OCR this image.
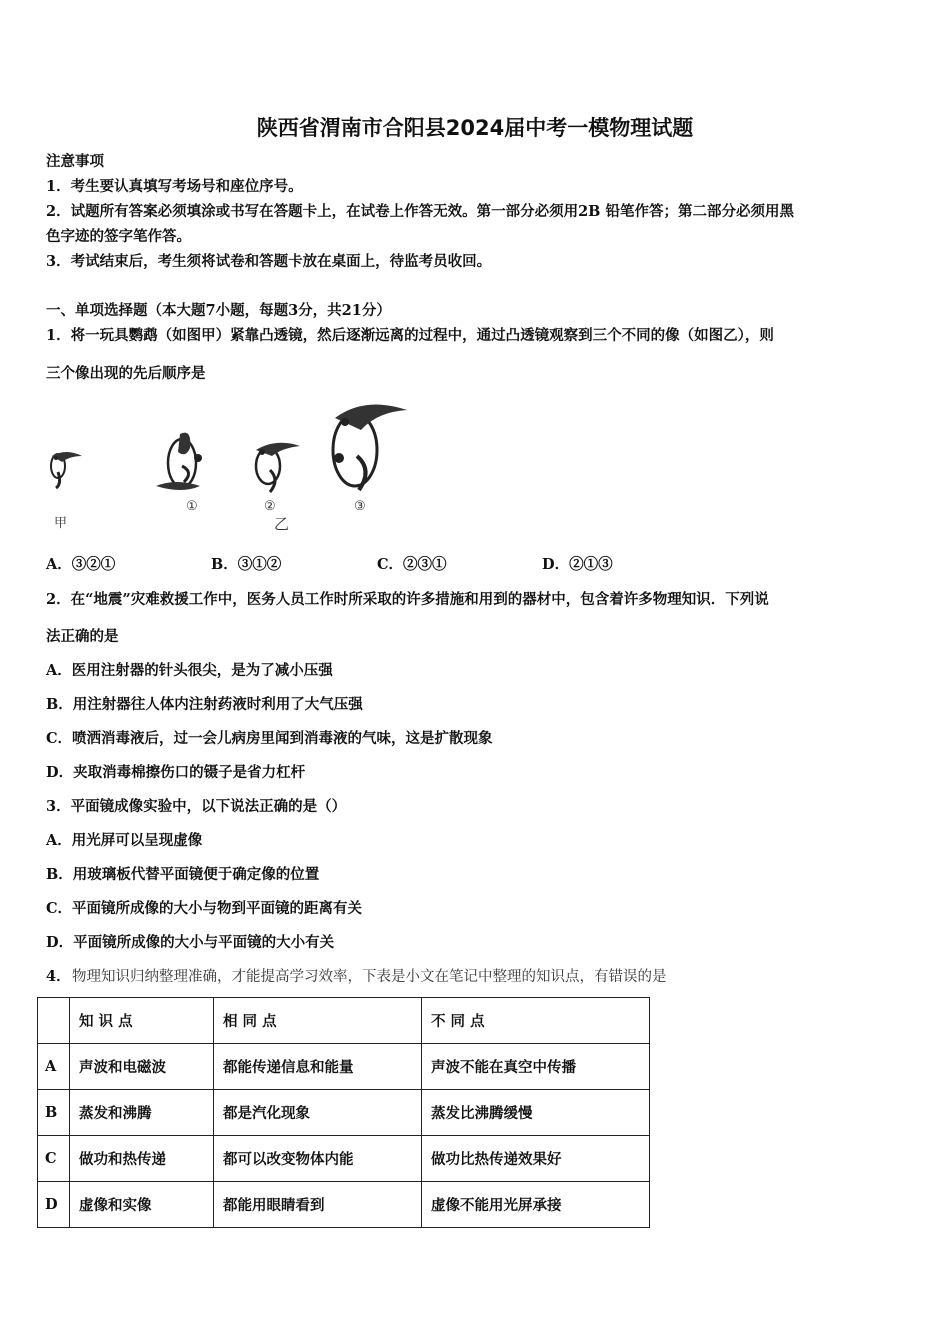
陕西省渭南市合阳县2024届中考一模物理试题
注意事项
1．考生要认真填写考场号和座位序号。
2．试题所有答案必须填涂或书写在答题卡上，在试卷上作答无效。第一部分必须用2B 铅笔作答；第二部分必须用黑
色字迹的签字笔作答。
3．考试结束后，考生须将试卷和答题卡放在桌面上，待监考员收回。
一、单项选择题（本大题7小题，每题3分，共21分）
1．将一玩具鹦鹉（如图甲）紧靠凸透镜，然后逐渐远离的过程中，通过凸透镜观察到三个不同的像（如图乙），则
三个像出现的先后顺序是
甲
①	②	③
乙
A．③②①	B．③①②	C．②③①	D．②①③
2．在“地震”灾难救援工作中，医务人员工作时所采取的许多措施和用到的器材中，包含着许多物理知识．下列说
法正确的是
A．医用注射器的针头很尖，是为了减小压强
B．用注射器往人体内注射药液时利用了大气压强
C．喷洒消毒液后，过一会儿病房里闻到消毒液的气味，这是扩散现象
D．夹取消毒棉擦伤口的镊子是省力杠杆
3．平面镜成像实验中，以下说法正确的是（）
A．用光屏可以呈现虚像
B．用玻璃板代替平面镜便于确定像的位置
C．平面镜所成像的大小与物到平面镜的距离有关
D．平面镜所成像的大小与平面镜的大小有关
4． 物理知识归纳整理准确，才能提高学习效率，下表是小文在笔记中整理的知识点，有错误的是
	知 识 点	相 同 点	不 同 点
A	声波和电磁波	都能传递信息和能量	声波不能在真空中传播
B	蒸发和沸腾	都是汽化现象	蒸发比沸腾缓慢
C	做功和热传递	都可以改变物体内能	做功比热传递效果好
D	虚像和实像	都能用眼睛看到	虚像不能用光屏承接
